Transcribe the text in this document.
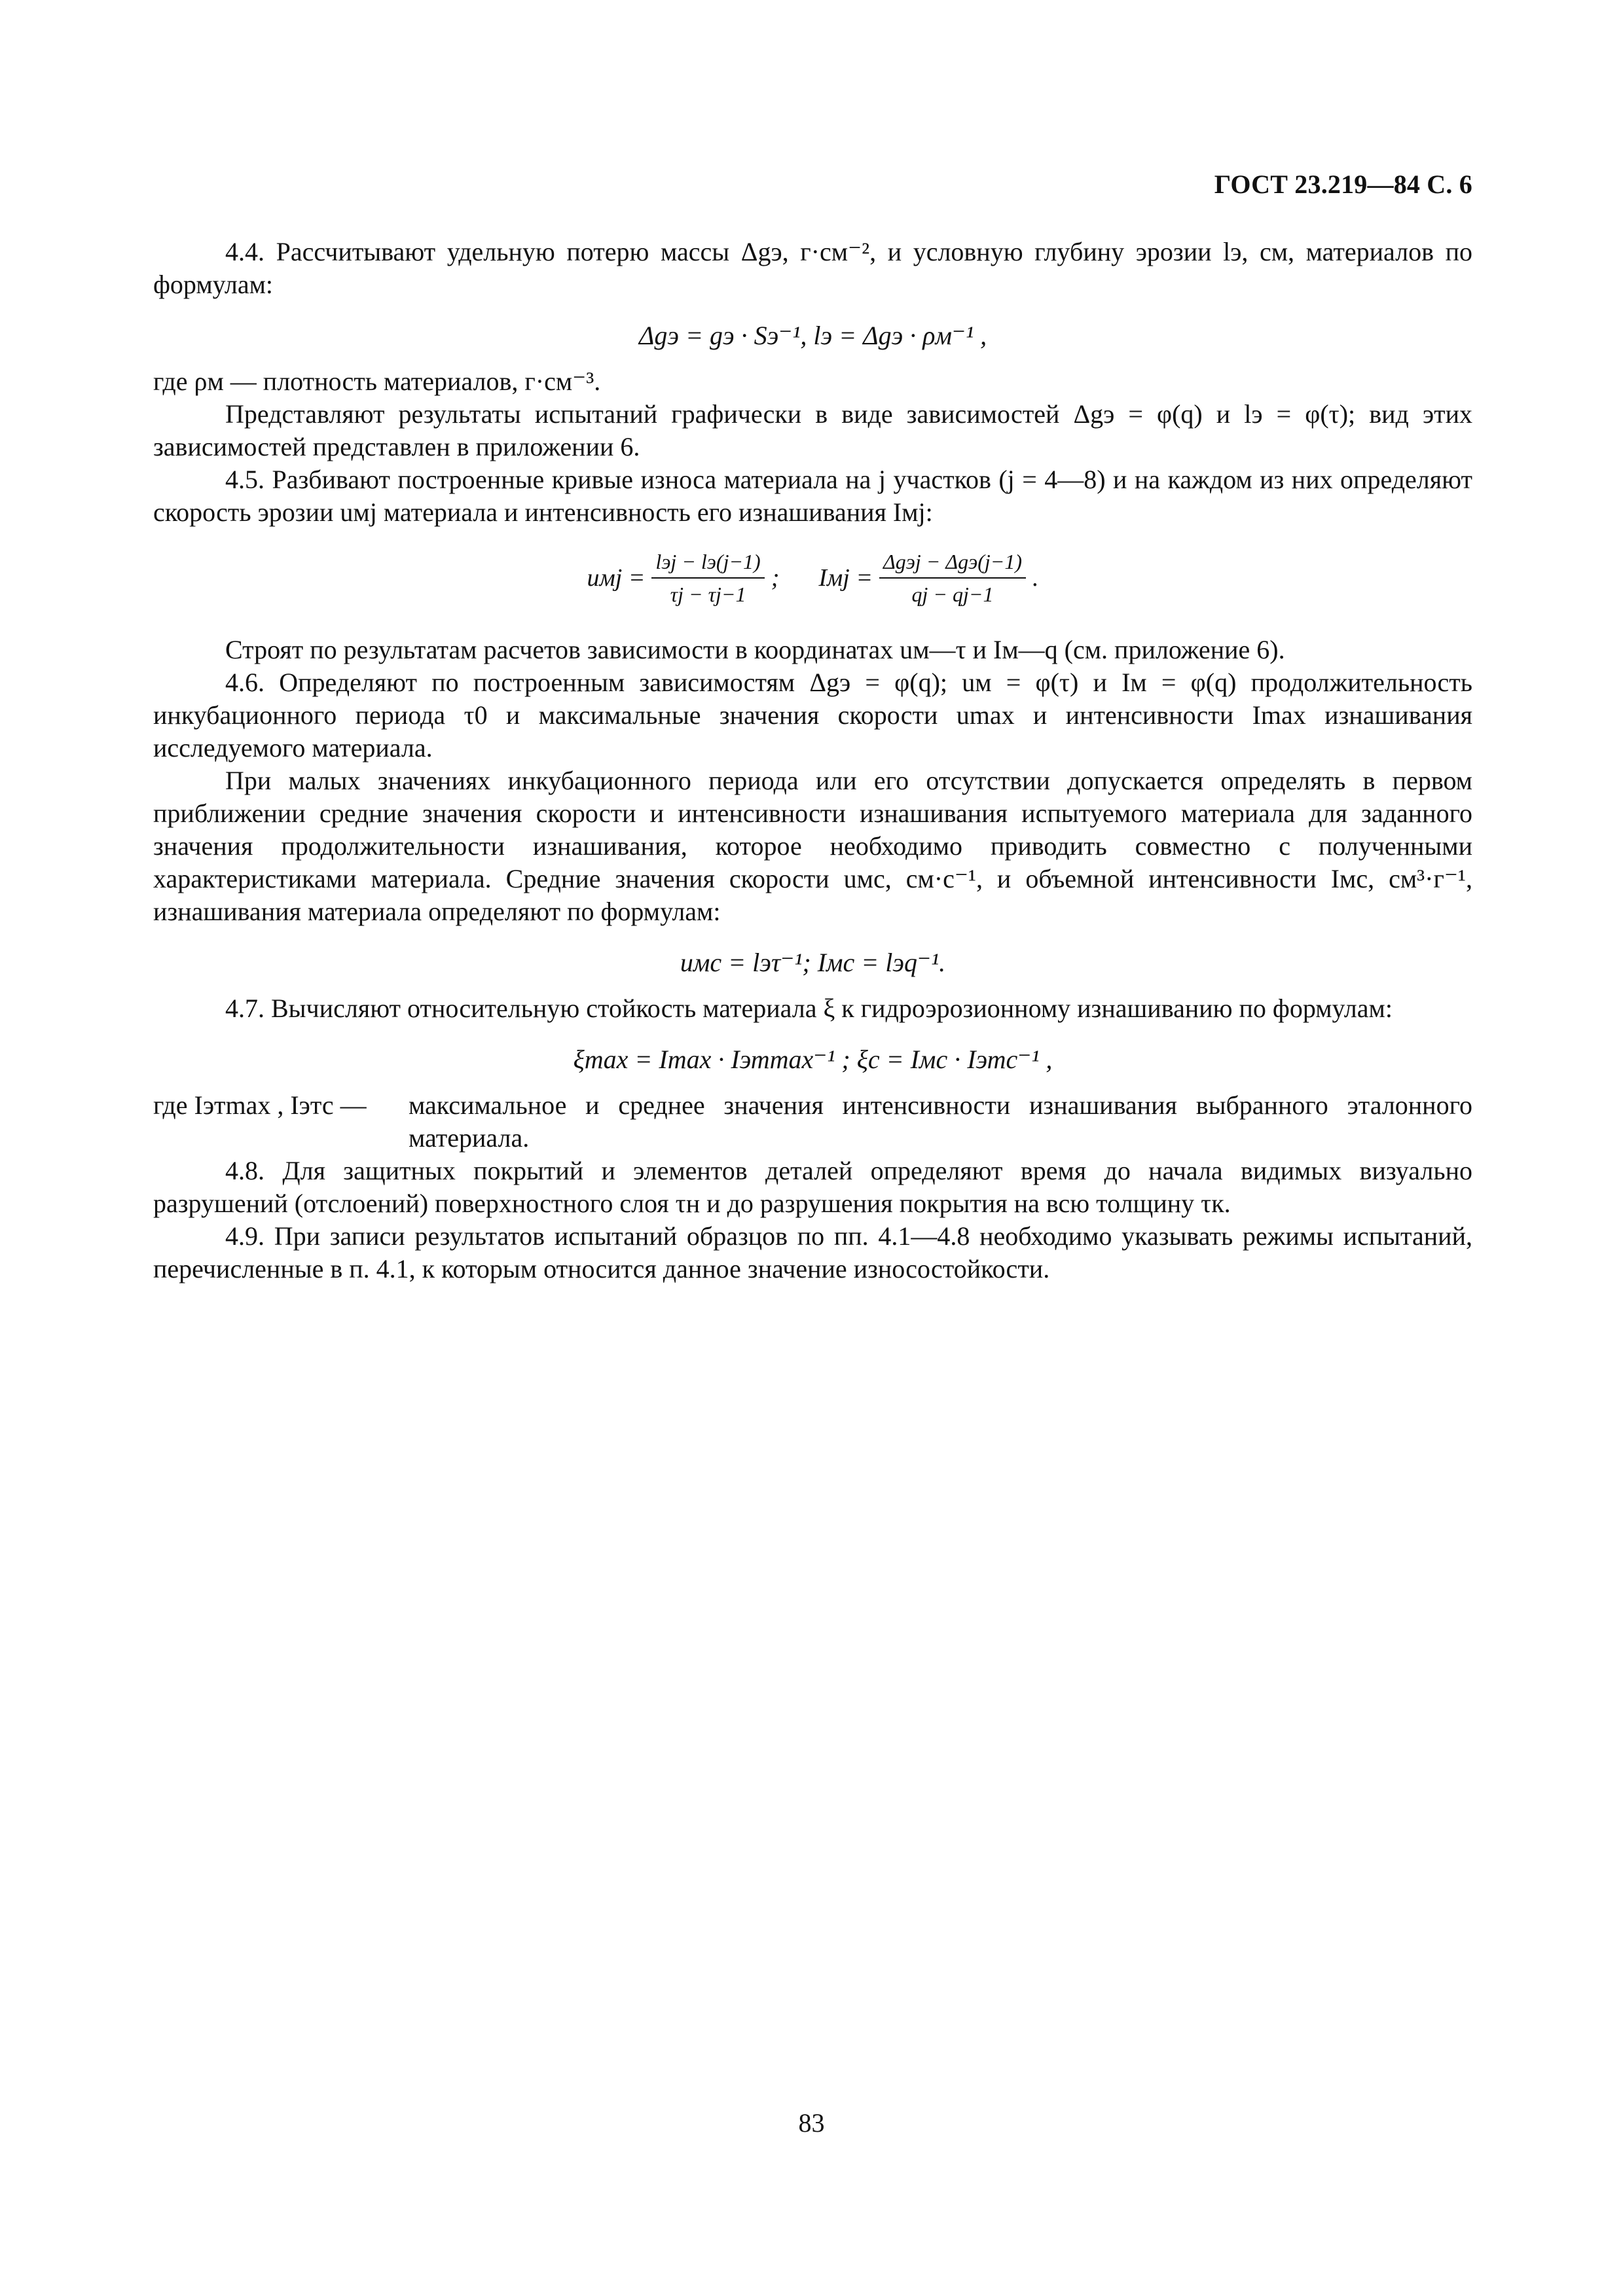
ГОСТ 23.219—84 С. 6

4.4. Рассчитывают удельную потерю массы Δgэ, г·см⁻², и условную глубину эрозии lэ, см, материалов по формулам:

Δgэ = gэ · Sэ⁻¹, lэ = Δgэ · ρм⁻¹ ,

где ρм — плотность материалов, г·см⁻³.

Представляют результаты испытаний графически в виде зависимостей Δgэ = φ(q) и lэ = φ(τ); вид этих зависимостей представлен в приложении 6.

4.5. Разбивают построенные кривые износа материала на j участков (j = 4—8) и на каждом из них определяют скорость эрозии uмj материала и интенсивность его изнашивания Iмj:

uмj = $\frac{\text{lэj − lэ(j−1)}}{\tau j - \tau j-1}$ ; Iмj = $\frac{\text{Δgэj − Δgэ(j−1)}}{qj - qj-1}$ .

Строят по результатам расчетов зависимости в координатах uм—τ и Iм—q (см. приложение 6).

4.6. Определяют по построенным зависимостям Δgэ = φ(q); uм = φ(τ) и Iм = φ(q) продолжительность инкубационного периода τ0 и максимальные значения скорости umax и интенсивности Imax изнашивания исследуемого материала.

При малых значениях инкубационного периода или его отсутствии допускается определять в первом приближении средние значения скорости и интенсивности изнашивания испытуемого материала для заданного значения продолжительности изнашивания, которое необходимо приводить совместно с полученными характеристиками материала. Средние значения скорости uмс, см·с⁻¹, и объемной интенсивности Iмс, см³·г⁻¹, изнашивания материала определяют по формулам:

uмс = lэτ⁻¹; Iмс = lэq⁻¹.

4.7. Вычисляют относительную стойкость материала ξ к гидроэрозионному изнашиванию по формулам:

ξmax = Imax · Iэтmax⁻¹ ; ξc = Iмс · Iэтс⁻¹ ,
где Iэтmax , Iэтс —	максимальное и среднее значения интенсивности изнашивания выбранного эталонного материала.

4.8. Для защитных покрытий и элементов деталей определяют время до начала видимых визуально разрушений (отслоений) поверхностного слоя τн и до разрушения покрытия на всю толщину τк.

4.9. При записи результатов испытаний образцов по пп. 4.1—4.8 необходимо указывать режимы испытаний, перечисленные в п. 4.1, к которым относится данное значение износостойкости.

83
